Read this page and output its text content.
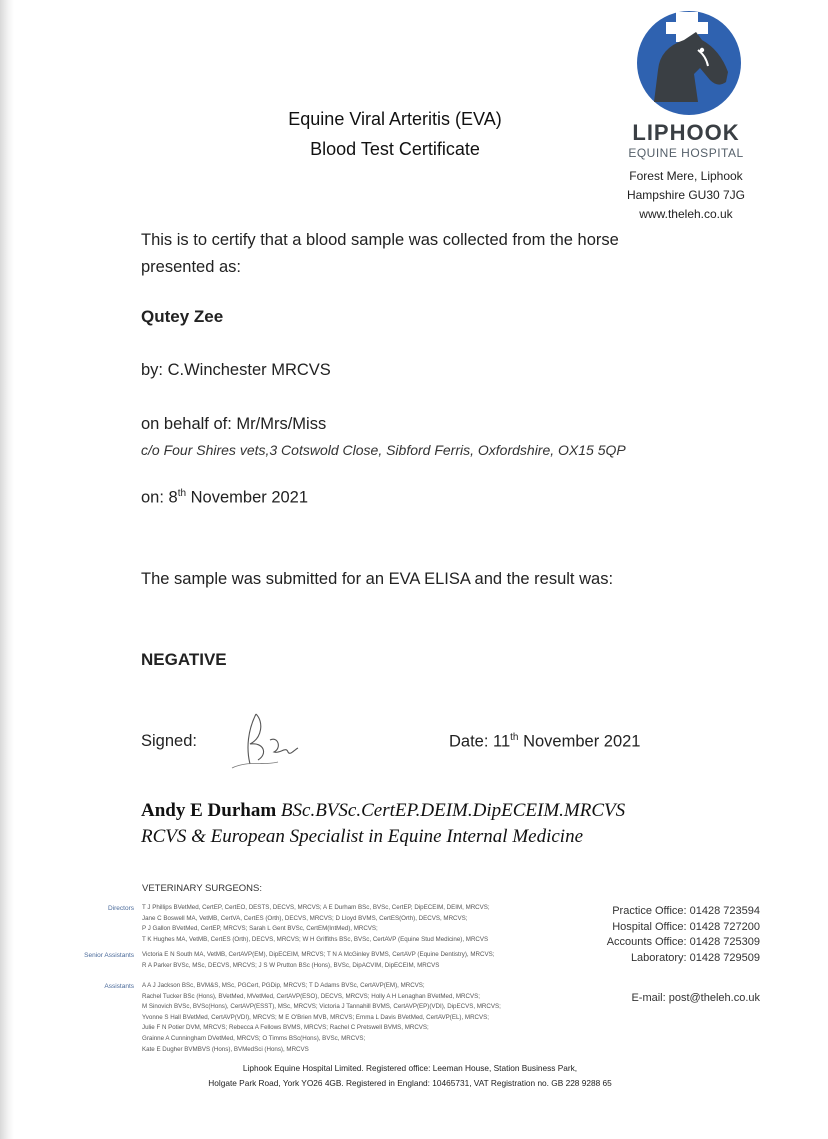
Equine Viral Arteritis (EVA)
Blood Test Certificate
LIPHOOK
EQUINE HOSPITAL
Forest Mere, Liphook
Hampshire GU30 7JG
www.theleh.co.uk
This is to certify that a blood sample was collected from the horse
presented as:
Qutey Zee
by: C.Winchester MRCVS
on behalf of: Mr/Mrs/Miss
c/o Four Shires vets,3 Cotswold Close, Sibford Ferris, Oxfordshire, OX15 5QP
on: 8th November 2021
The sample was submitted for an EVA ELISA and the result was:
NEGATIVE
Signed:	Date: 11th November 2021
Andy E Durham BSc.BVSc.CertEP.DEIM.DipECEIM.MRCVS
RCVS & European Specialist in Equine Internal Medicine
VETERINARY SURGEONS:
Directors T J Phillips BVetMed, CertEP, CertEO, DESTS, DECVS, MRCVS; A E Durham BSc, BVSc, CertEP, DipECEIM, DEIM, MRCVS;
Jane C Boswell MA, VetMB, CertVA, CertES (Orth), DECVS, MRCVS; D Lloyd BVMS, CertES(Orth), DECVS, MRCVS;
P J Gallon BVetMed, CertEP, MRCVS; Sarah L Gent BVSc, CertEM(IntMed), MRCVS;
T K Hughes MA, VetMB, CertES (Orth), DECVS, MRCVS; W H Griffiths BSc, BVSc, CertAVP (Equine Stud Medicine), MRCVS
Senior Assistants Victoria E N South MA, VetMB, CertAVP(EM), DipECEIM, MRCVS; T N A McGinley BVMS, CertAVP (Equine Dentistry), MRCVS;
R A Parker BVSc, MSc, DECVS, MRCVS; J S W Prutton BSc (Hons), BVSc, DipACVIM, DipECEIM, MRCVS
Assistants A A J Jackson BSc, BVM&S, MSc, PGCert, PGDip, MRCVS; T D Adams BVSc, CertAVP(EM), MRCVS;
Rachel Tucker BSc (Hons), BVetMed, MVetMed, CertAVP(ESO), DECVS, MRCVS; Holly A H Lenaghan BVetMed, MRCVS;
M Sinovich BVSc, BVSc(Hons), CertAVP(ESST), MSc, MRCVS; Victoria J Tannahill BVMS, CertAVP(EP)(VDI), DipECVS, MRCVS;
Yvonne S Hall BVetMed, CertAVP(VDI), MRCVS; M E O'Brien MVB, MRCVS; Emma L Davis BVetMed, CertAVP(EL), MRCVS;
Julie F N Potier DVM, MRCVS; Rebecca A Fellows BVMS, MRCVS; Rachel C Pretswell BVMS, MRCVS;
Grainne A Cunningham DVetMed, MRCVS; O Timms BSc(Hons), BVSc, MRCVS;
Kate E Dugher BVMBVS (Hons), BVMedSci (Hons), MRCVS
Practice Office: 01428 723594
Hospital Office: 01428 727200
Accounts Office: 01428 725309
Laboratory: 01428 729509
E-mail: post@theleh.co.uk
Liphook Equine Hospital Limited. Registered office: Leeman House, Station Business Park,
Holgate Park Road, York YO26 4GB. Registered in England: 10465731, VAT Registration no. GB 228 9288 65
